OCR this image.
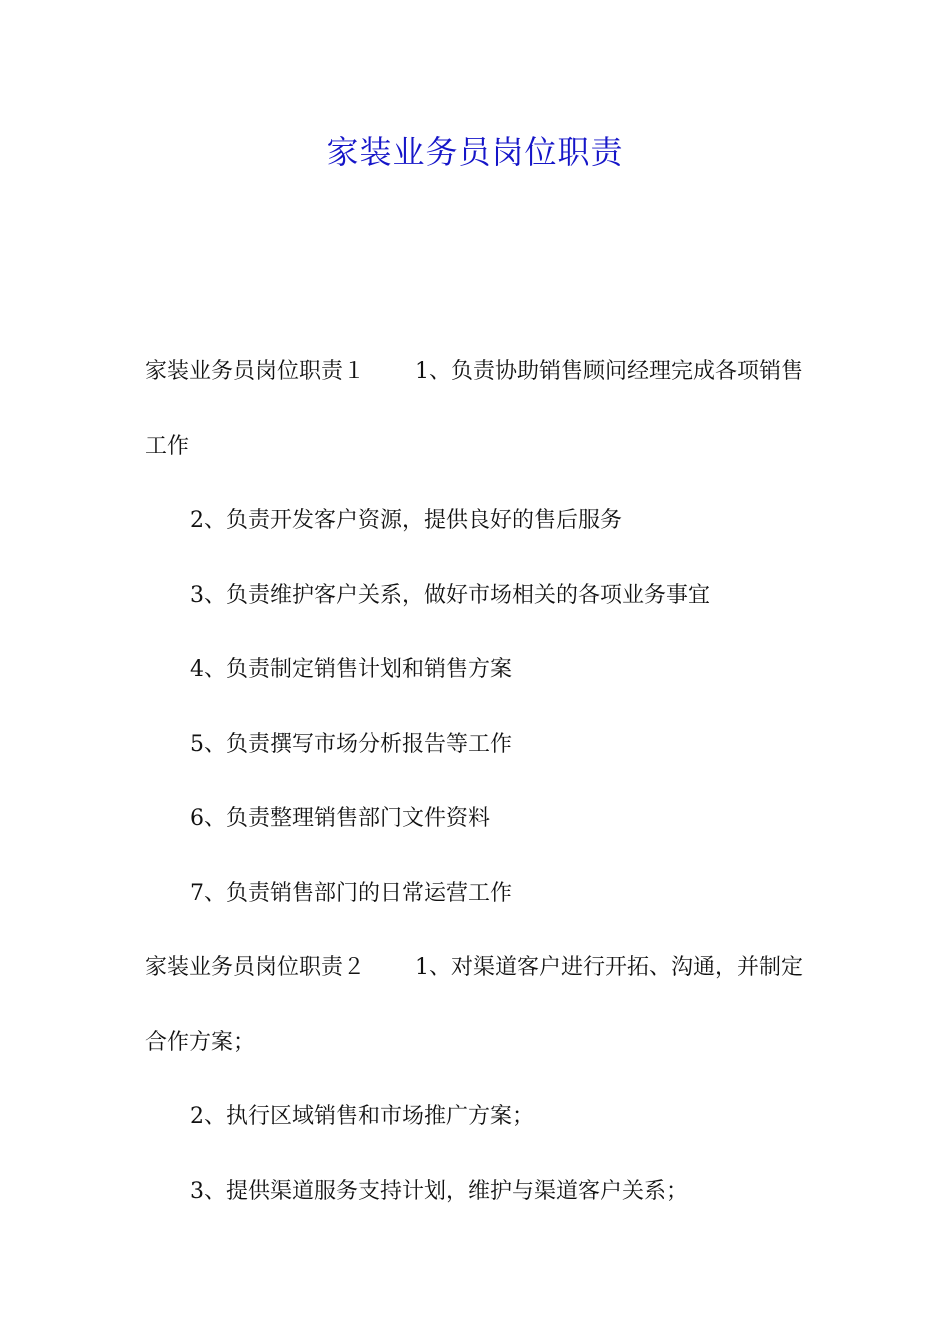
家装业务员岗位职责

家装业务员岗位职责１ 1、负责协助销售顾问经理完成各项销售工作

2、负责开发客户资源，提供良好的售后服务

3、负责维护客户关系，做好市场相关的各项业务事宜

4、负责制定销售计划和销售方案

5、负责撰写市场分析报告等工作

6、负责整理销售部门文件资料

7、负责销售部门的日常运营工作

家装业务员岗位职责２ 1、对渠道客户进行开拓、沟通，并制定合作方案；

2、执行区域销售和市场推广方案；

3、提供渠道服务支持计划，维护与渠道客户关系；
